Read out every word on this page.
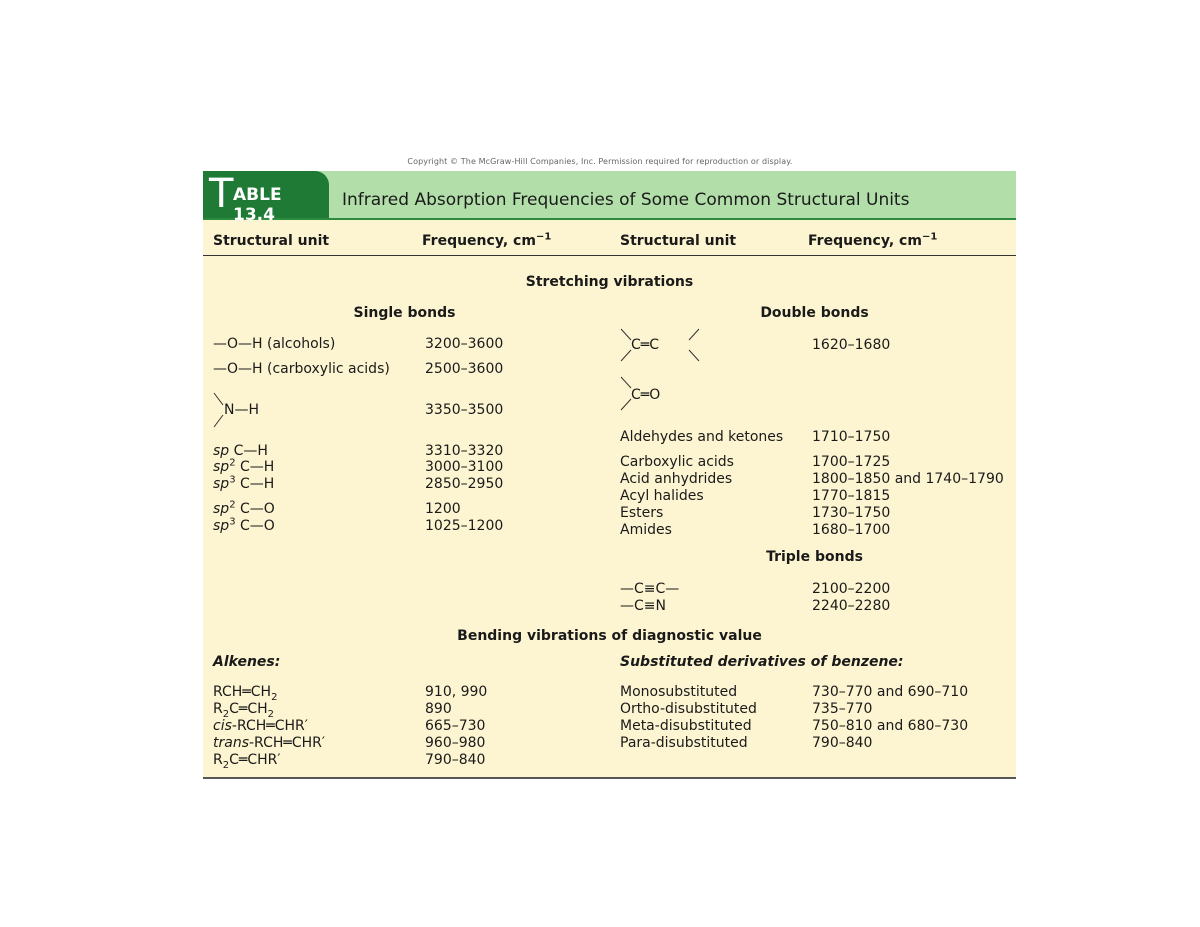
Copyright © The McGraw-Hill Companies, Inc. Permission required for reproduction or display.
T ABLE 13.4
Infrared Absorption Frequencies of Some Common Structural Units
Structural unit	Frequency, $cm^{-1}$	Structural unit	Frequency, $cm^{-1}$
Stretching vibrations
Single bonds	Double bonds
—O—H (alcohols)	3200–3600
—O—H (carboxylic acids)	2500–3600
N—H	3350–3500
sp C—H	3310–3320
$sp^2$ C—H	3000–3100
$sp^3$ C—H	2850–2950
$sp^2$ C—O	1200
$sp^3$ C—O	1025–1200
C═C	1620–1680
C═O
Aldehydes and ketones 1710–1750
Carboxylic acids	1700–1725
Acid anhydrides	1800–1850 and 1740–1790
Acyl halides	1770–1815
Esters	1730–1750
Amides	1680–1700
Triple bonds
—C≡C—	2100–2200
—C≡N	2240–2280
Bending vibrations of diagnostic value
Alkenes:	Substituted derivatives of benzene:
$RCH═CH_2$	910, 990
$R_2C═CH_2$	890
cis-RCH═CHR′	665–730
trans-RCH═CHR′	960–980
$R_2C═CHR'$	790–840
Monosubstituted	730–770 and 690–710
Ortho-disubstituted	735–770
Meta-disubstituted	750–810 and 680–730
Para-disubstituted	790–840
